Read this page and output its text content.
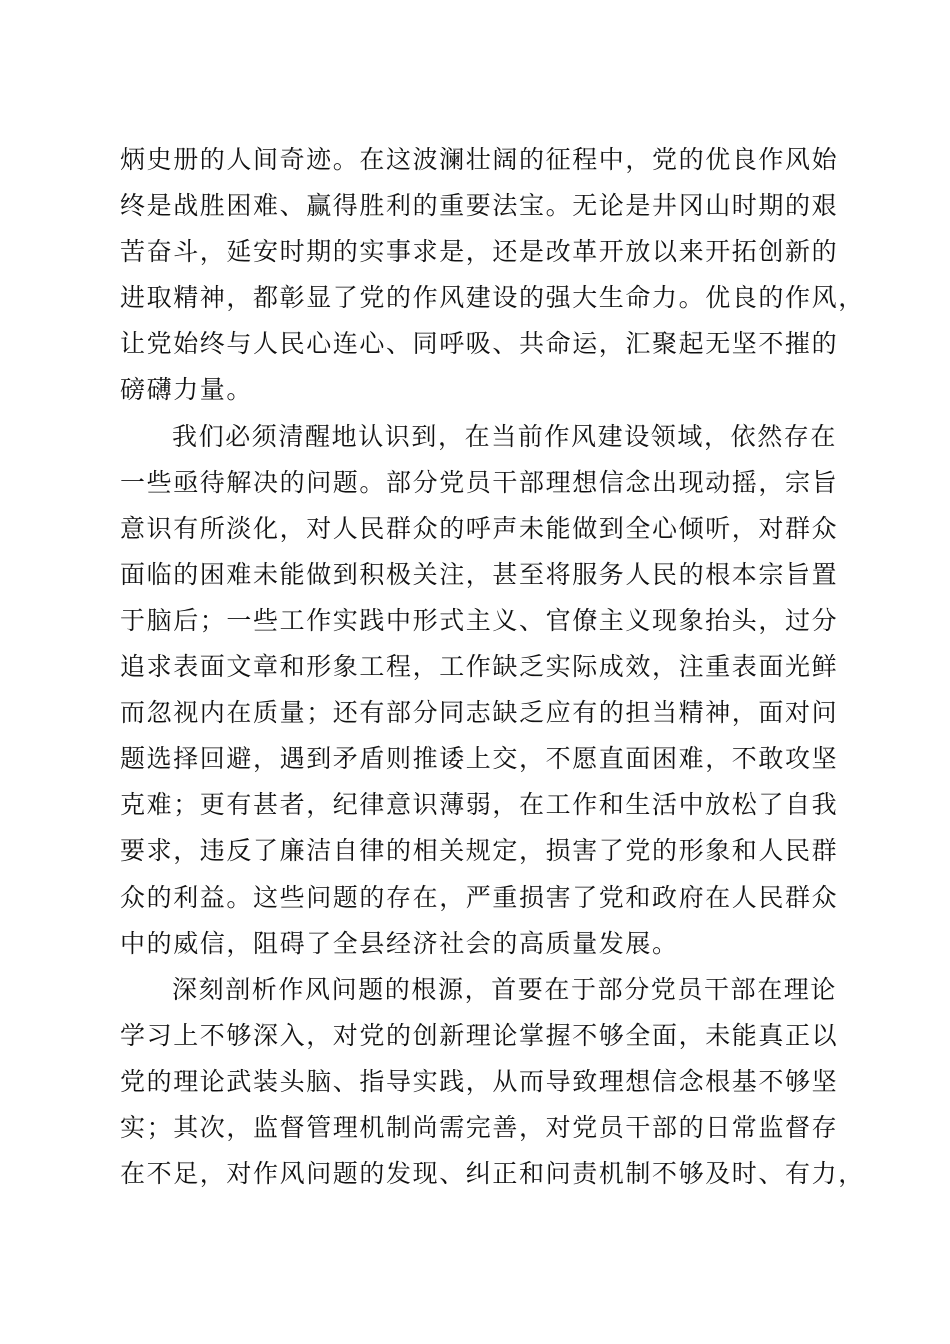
炳史册的人间奇迹。在这波澜壮阔的征程中，党的优良作风始
终是战胜困难、赢得胜利的重要法宝。无论是井冈山时期的艰
苦奋斗，延安时期的实事求是，还是改革开放以来开拓创新的
进取精神，都彰显了党的作风建设的强大生命力。优良的作风，
让党始终与人民心连心、同呼吸、共命运，汇聚起无坚不摧的
磅礴力量。
我们必须清醒地认识到，在当前作风建设领域，依然存在
一些亟待解决的问题。部分党员干部理想信念出现动摇，宗旨
意识有所淡化，对人民群众的呼声未能做到全心倾听，对群众
面临的困难未能做到积极关注，甚至将服务人民的根本宗旨置
于脑后；一些工作实践中形式主义、官僚主义现象抬头，过分
追求表面文章和形象工程，工作缺乏实际成效，注重表面光鲜
而忽视内在质量；还有部分同志缺乏应有的担当精神，面对问
题选择回避，遇到矛盾则推诿上交，不愿直面困难，不敢攻坚
克难；更有甚者，纪律意识薄弱，在工作和生活中放松了自我
要求，违反了廉洁自律的相关规定，损害了党的形象和人民群
众的利益。这些问题的存在，严重损害了党和政府在人民群众
中的威信，阻碍了全县经济社会的高质量发展。
深刻剖析作风问题的根源，首要在于部分党员干部在理论
学习上不够深入，对党的创新理论掌握不够全面，未能真正以
党的理论武装头脑、指导实践，从而导致理想信念根基不够坚
实；其次，监督管理机制尚需完善，对党员干部的日常监督存
在不足，对作风问题的发现、纠正和问责机制不够及时、有力，
